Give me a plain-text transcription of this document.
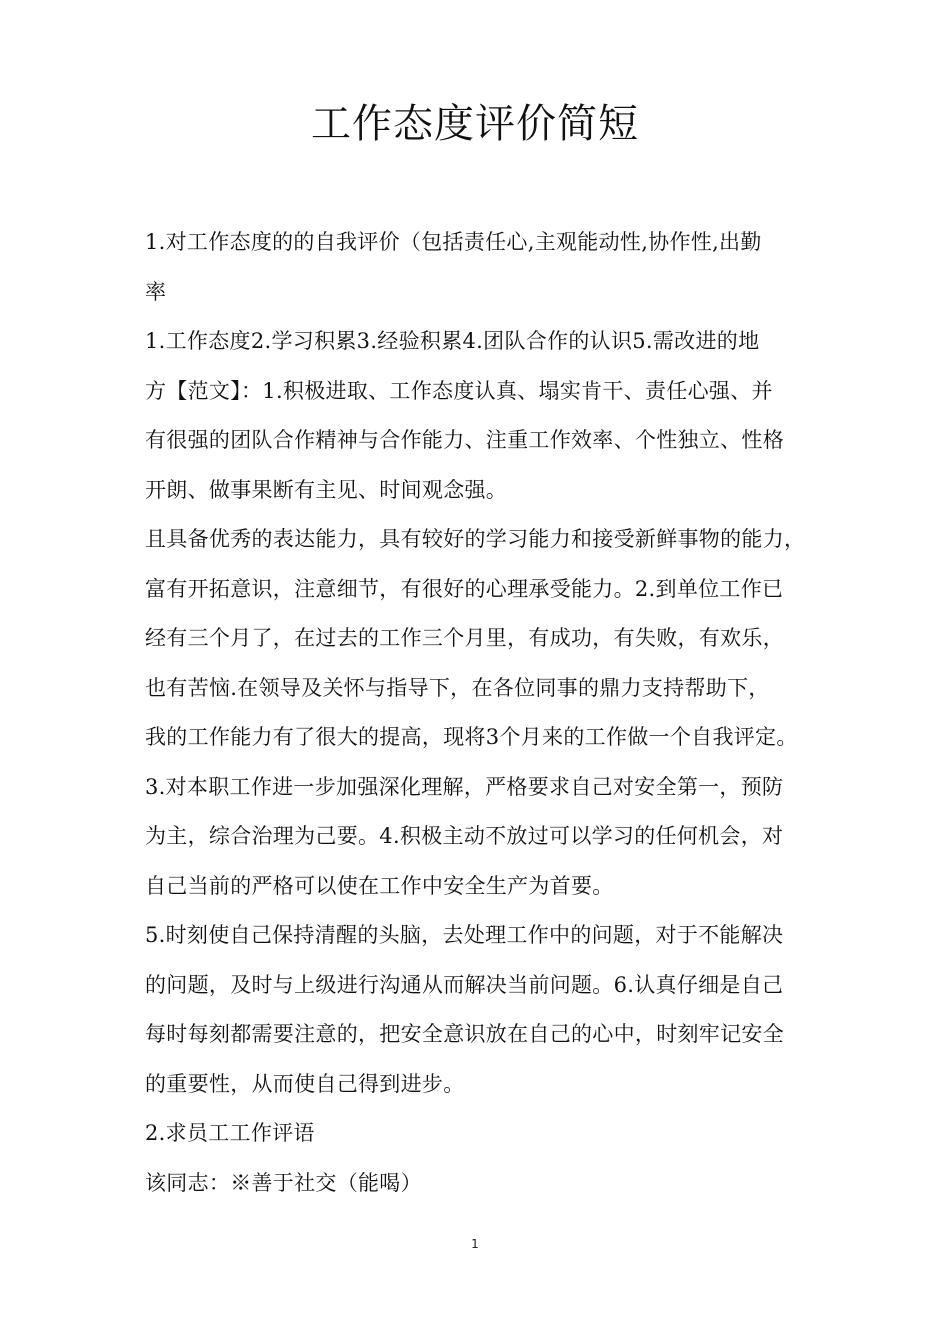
工作态度评价简短

1.对工作态度的的自我评价（包括责任心,主观能动性,协作性,出勤
率

1.工作态度2.学习积累3.经验积累4.团队合作的认识5.需改进的地
方【范文】：1.积极进取、工作态度认真、塌实肯干、责任心强、并
有很强的团队合作精神与合作能力、注重工作效率、个性独立、性格
开朗、做事果断有主见、时间观念强。

且具备优秀的表达能力，具有较好的学习能力和接受新鲜事物的能力，
富有开拓意识，注意细节，有很好的心理承受能力。2.到单位工作已
经有三个月了，在过去的工作三个月里，有成功，有失败，有欢乐，
也有苦恼.在领导及关怀与指导下，在各位同事的鼎力支持帮助下，
我的工作能力有了很大的提高，现将3个月来的工作做一个自我评定。
3.对本职工作进一步加强深化理解，严格要求自己对安全第一，预防
为主，综合治理为己要。4.积极主动不放过可以学习的任何机会，对
自己当前的严格可以使在工作中安全生产为首要。

5.时刻使自己保持清醒的头脑，去处理工作中的问题，对于不能解决
的问题，及时与上级进行沟通从而解决当前问题。6.认真仔细是自己
每时每刻都需要注意的，把安全意识放在自己的心中，时刻牢记安全
的重要性，从而使自己得到进步。

2.求员工工作评语

该同志：※善于社交（能喝）

1
